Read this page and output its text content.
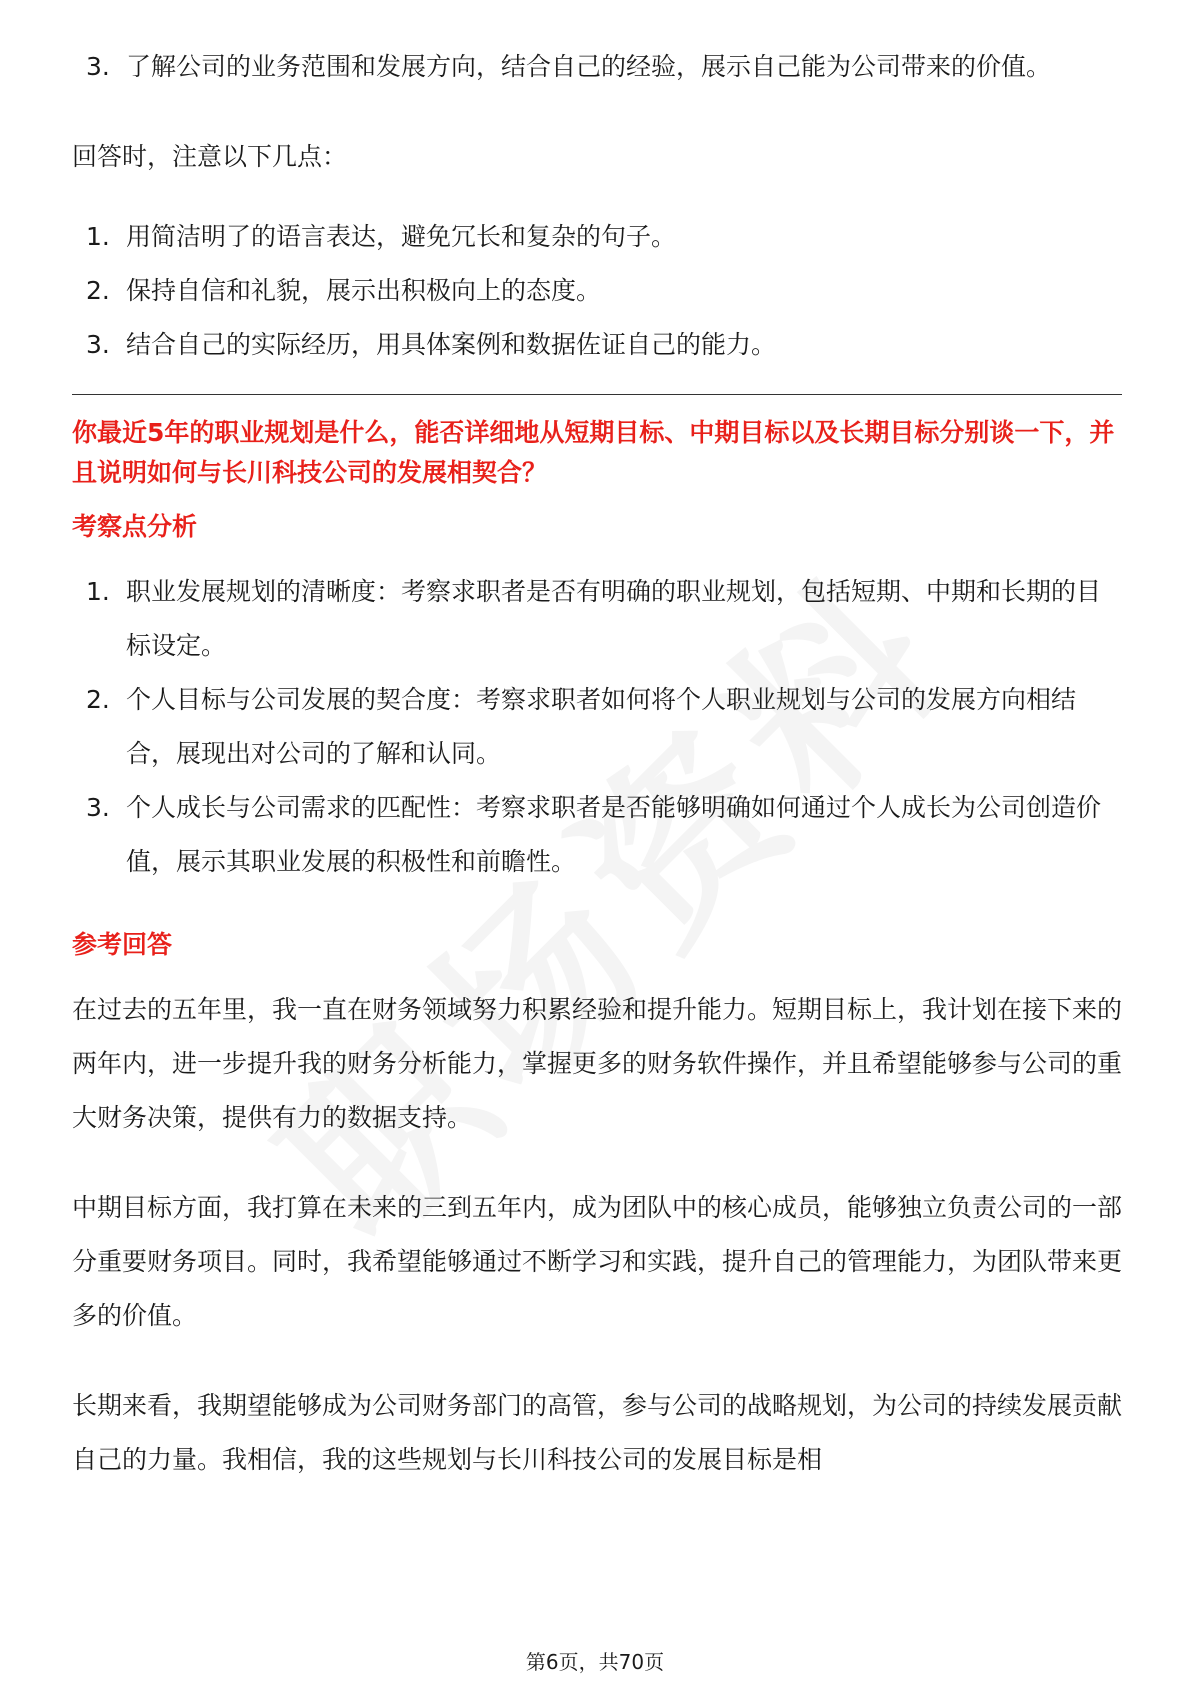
3. 了解公司的业务范围和发展方向，结合自己的经验，展示自己能为公司带来的价值。

回答时，注意以下几点：

1. 用简洁明了的语言表达，避免冗长和复杂的句子。
2. 保持自信和礼貌，展示出积极向上的态度。
3. 结合自己的实际经历，用具体案例和数据佐证自己的能力。

你最近5年的职业规划是什么，能否详细地从短期目标、中期目标以及长期目标分别谈一下，并且说明如何与长川科技公司的发展相契合？

考察点分析

1. 职业发展规划的清晰度：考察求职者是否有明确的职业规划，包括短期、中期和长期的目标设定。
2. 个人目标与公司发展的契合度：考察求职者如何将个人职业规划与公司的发展方向相结合，展现出对公司的了解和认同。
3. 个人成长与公司需求的匹配性：考察求职者是否能够明确如何通过个人成长为公司创造价值，展示其职业发展的积极性和前瞻性。

参考回答

在过去的五年里，我一直在财务领域努力积累经验和提升能力。短期目标上，我计划在接下来的两年内，进一步提升我的财务分析能力，掌握更多的财务软件操作，并且希望能够参与公司的重大财务决策，提供有力的数据支持。

中期目标方面，我打算在未来的三到五年内，成为团队中的核心成员，能够独立负责公司的一部分重要财务项目。同时，我希望能够通过不断学习和实践，提升自己的管理能力，为团队带来更多的价值。

长期来看，我期望能够成为公司财务部门的高管，参与公司的战略规划，为公司的持续发展贡献自己的力量。我相信，我的这些规划与长川科技公司的发展目标是相

第6页，共70页
